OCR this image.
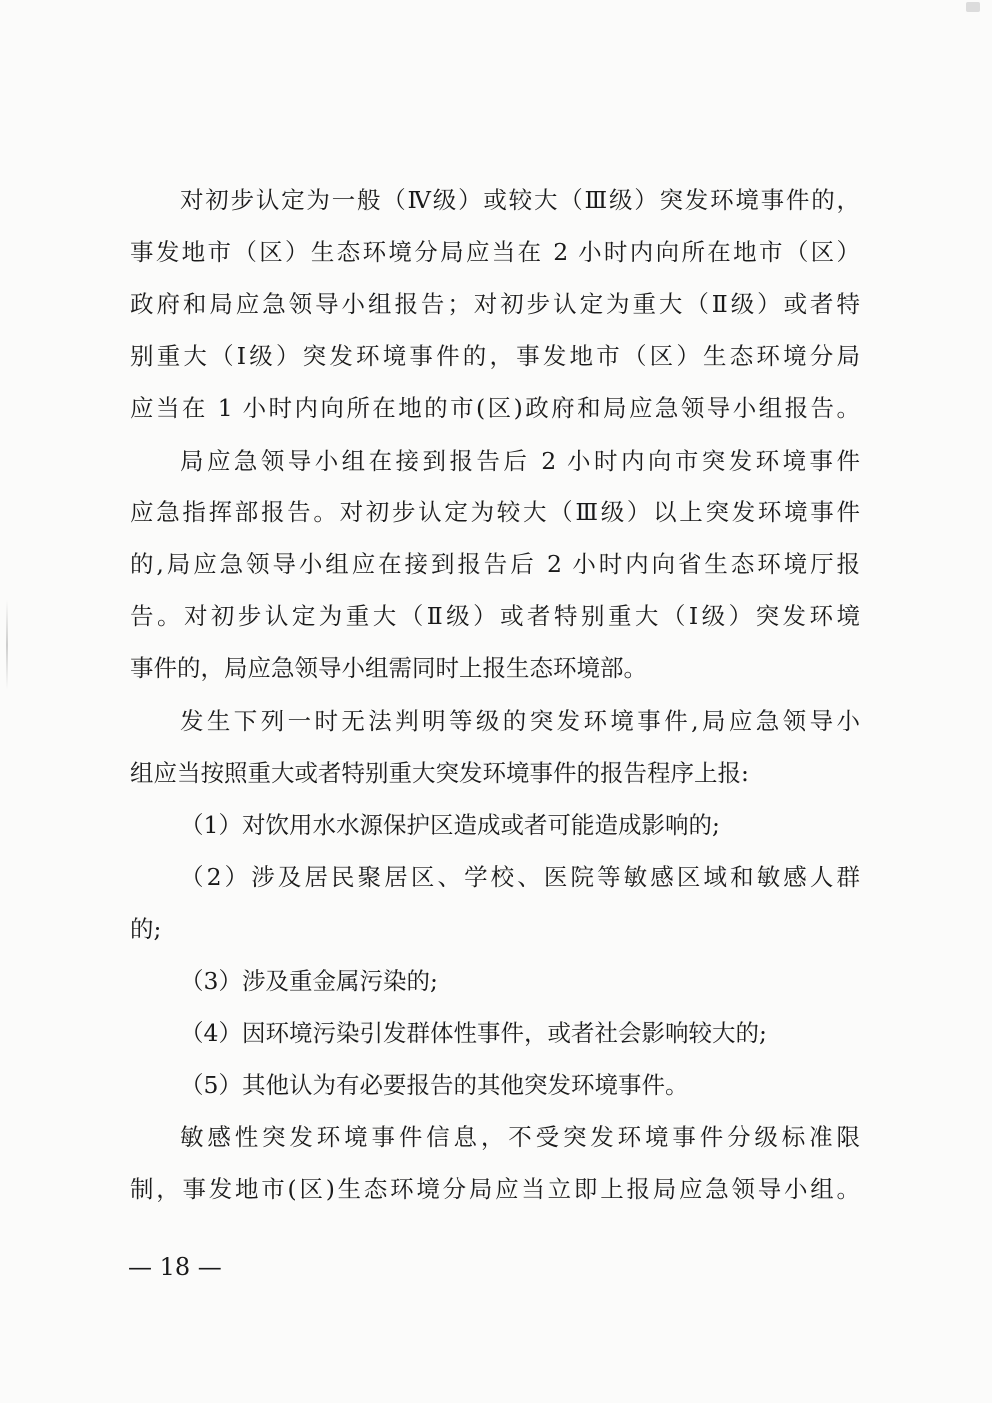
对初步认定为一般（Ⅳ级）或较大（Ⅲ级）突发环境事件的，

事发地市（区）生态环境分局应当在 2 小时内向所在地市（区）

政府和局应急领导小组报告；对初步认定为重大（Ⅱ级）或者特

别重大（Ⅰ级）突发环境事件的，事发地市（区）生态环境分局

应当在 1 小时内向所在地的市(区)政府和局应急领导小组报告。

局应急领导小组在接到报告后 2 小时内向市突发环境事件

应急指挥部报告。对初步认定为较大（Ⅲ级）以上突发环境事件

的,局应急领导小组应在接到报告后 2 小时内向省生态环境厅报

告。对初步认定为重大（Ⅱ级）或者特别重大（Ⅰ级）突发环境

事件的，局应急领导小组需同时上报生态环境部。

发生下列一时无法判明等级的突发环境事件,局应急领导小

组应当按照重大或者特别重大突发环境事件的报告程序上报:

（1）对饮用水水源保护区造成或者可能造成影响的;

（2）涉及居民聚居区、学校、医院等敏感区域和敏感人群

的;

（3）涉及重金属污染的;

（4）因环境污染引发群体性事件，或者社会影响较大的;

（5）其他认为有必要报告的其他突发环境事件。

敏感性突发环境事件信息，不受突发环境事件分级标准限

制，事发地市(区)生态环境分局应当立即上报局应急领导小组。

— 18 —
